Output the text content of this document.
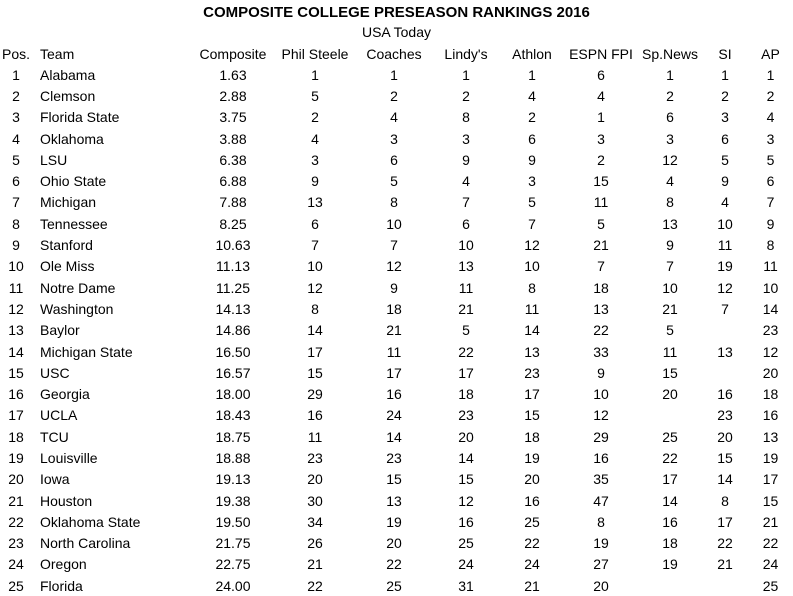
COMPOSITE COLLEGE PRESEASON RANKINGS 2016
USA Today
Pos.	Team	Composite	Phil Steele	Coaches	Lindy's	Athlon	ESPN FPI	Sp.News	SI	AP
1	Alabama	1.63	1	1	1	1	6	1	1	1
2	Clemson	2.88	5	2	2	4	4	2	2	2
3	Florida State	3.75	2	4	8	2	1	6	3	4
4	Oklahoma	3.88	4	3	3	6	3	3	6	3
5	LSU	6.38	3	6	9	9	2	12	5	5
6	Ohio State	6.88	9	5	4	3	15	4	9	6
7	Michigan	7.88	13	8	7	5	11	8	4	7
8	Tennessee	8.25	6	10	6	7	5	13	10	9
9	Stanford	10.63	7	7	10	12	21	9	11	8
10	Ole Miss	11.13	10	12	13	10	7	7	19	11
11	Notre Dame	11.25	12	9	11	8	18	10	12	10
12	Washington	14.13	8	18	21	11	13	21	7	14
13	Baylor	14.86	14	21	5	14	22	5		23
14	Michigan State	16.50	17	11	22	13	33	11	13	12
15	USC	16.57	15	17	17	23	9	15		20
16	Georgia	18.00	29	16	18	17	10	20	16	18
17	UCLA	18.43	16	24	23	15	12		23	16
18	TCU	18.75	11	14	20	18	29	25	20	13
19	Louisville	18.88	23	23	14	19	16	22	15	19
20	Iowa	19.13	20	15	15	20	35	17	14	17
21	Houston	19.38	30	13	12	16	47	14	8	15
22	Oklahoma State	19.50	34	19	16	25	8	16	17	21
23	North Carolina	21.75	26	20	25	22	19	18	22	22
24	Oregon	22.75	21	22	24	24	27	19	21	24
25	Florida	24.00	22	25	31	21	20			25
